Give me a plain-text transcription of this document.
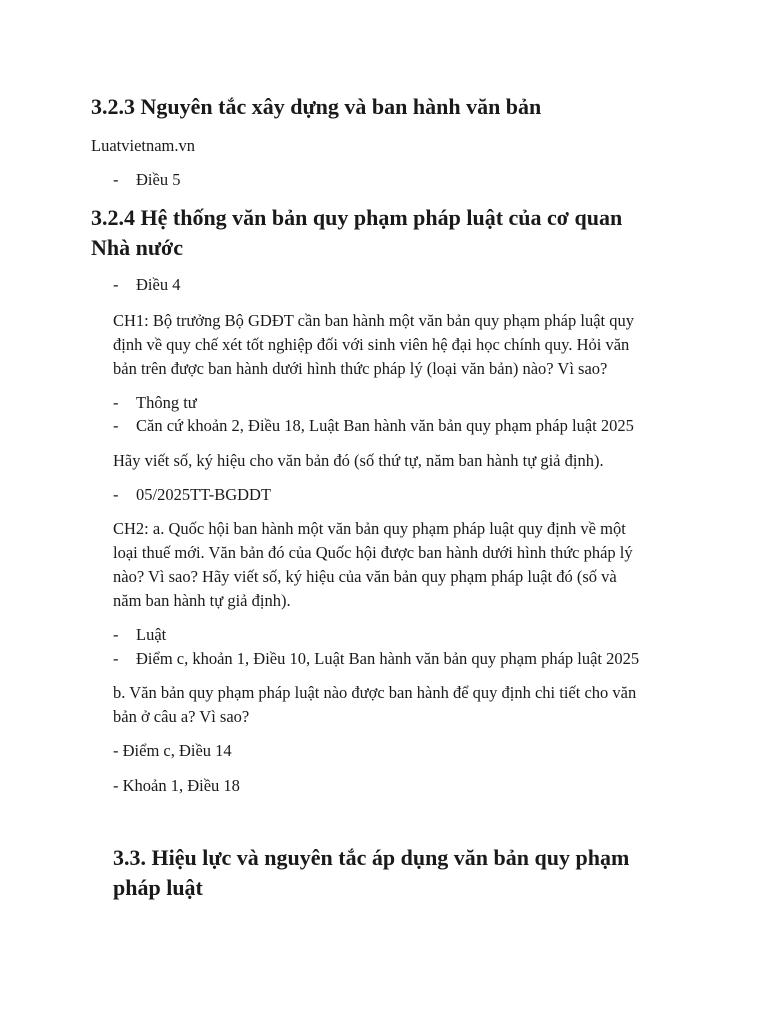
3.2.3 Nguyên tắc xây dựng và ban hành văn bản

Luatvietnam.vn

- Điều 5
3.2.4 Hệ thống văn bản quy phạm pháp luật của cơ quan
Nhà nước
- Điều 4

CH1: Bộ trưởng Bộ GDĐT cần ban hành một văn bản quy phạm pháp luật quy

định về quy chế xét tốt nghiệp đối với sinh viên hệ đại học chính quy. Hỏi văn

bản trên được ban hành dưới hình thức pháp lý (loại văn bản) nào? Vì sao?

- Thông tư
- Căn cứ khoản 2, Điều 18, Luật Ban hành văn bản quy phạm pháp luật 2025

Hãy viết số, ký hiệu cho văn bản đó (số thứ tự, năm ban hành tự giả định).

- 05/2025TT-BGDDT

CH2: a. Quốc hội ban hành một văn bản quy phạm pháp luật quy định về một

loại thuế mới. Văn bản đó của Quốc hội được ban hành dưới hình thức pháp lý

nào? Vì sao? Hãy viết số, ký hiệu của văn bản quy phạm pháp luật đó (số và

năm ban hành tự giả định).

- Luật
- Điểm c, khoản 1, Điều 10, Luật Ban hành văn bản quy phạm pháp luật 2025

b. Văn bản quy phạm pháp luật nào được ban hành để quy định chi tiết cho văn

bản ở câu a? Vì sao?

- Điểm c, Điều 14

- Khoản 1, Điều 18

3.3. Hiệu lực và nguyên tắc áp dụng văn bản quy phạm
pháp luật
